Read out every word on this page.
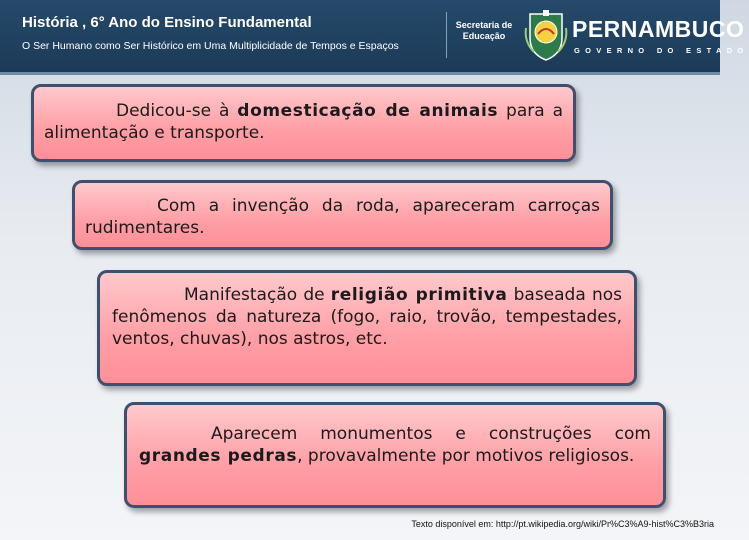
História , 6° Ano do Ensino Fundamental
O Ser Humano como Ser Histórico em Uma Multiplicidade de Tempos e Espaços
Secretaria de
Educação	PERNAMBUCO
GOVERNO DO ESTADO

Dedicou-se à domesticação de animais para a alimentação e transporte.

Com a invenção da roda, apareceram carroças rudimentares.

Manifestação de religião primitiva baseada nos fenômenos da natureza (fogo, raio, trovão, tempestades, ventos, chuvas), nos astros, etc.

Aparecem monumentos e construções com grandes pedras, provavalmente por motivos religiosos.

Texto disponível em: http://pt.wikipedia.org/wiki/Pr%C3%A9-hist%C3%B3ria
